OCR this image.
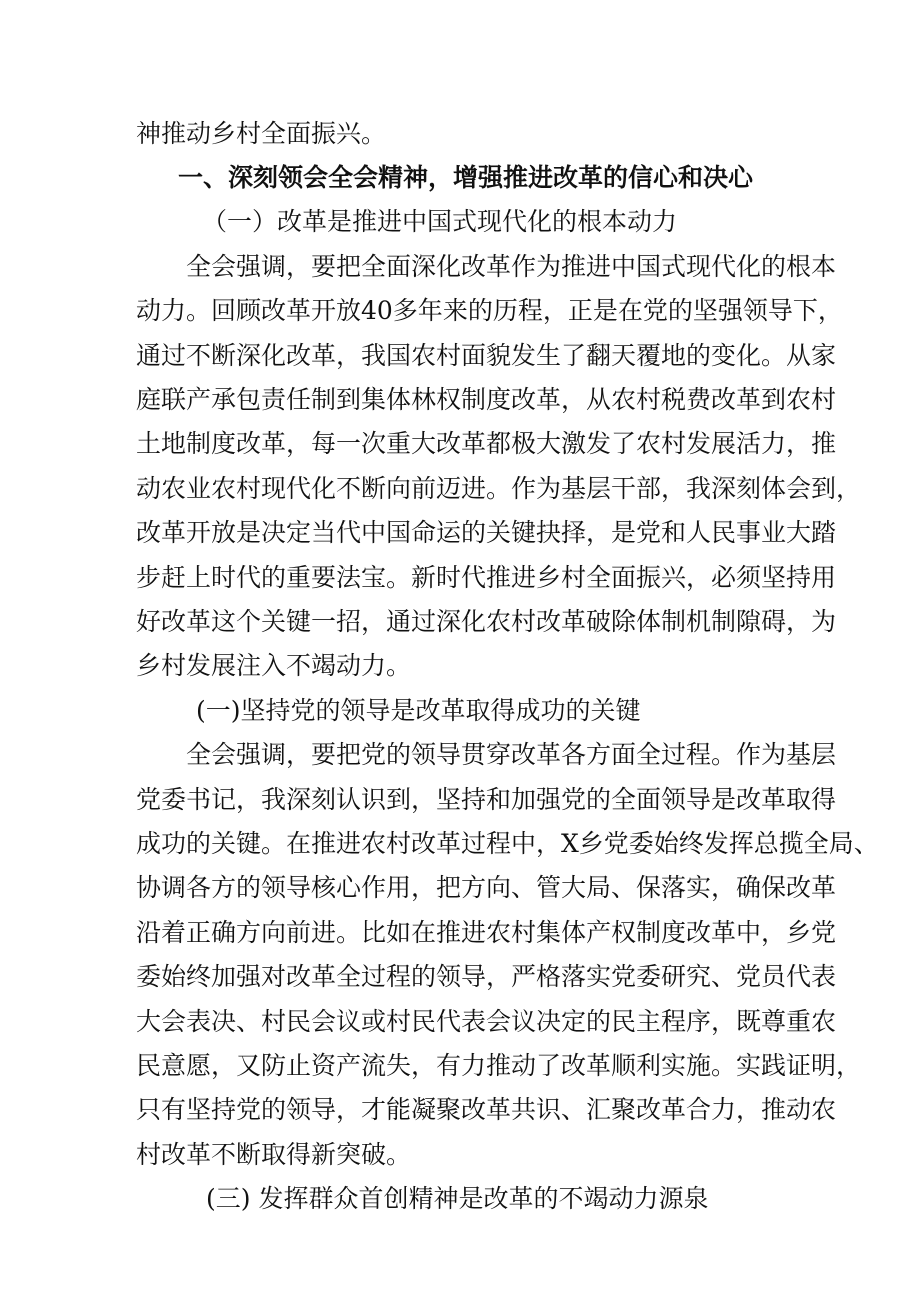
神推动乡村全面振兴。
一、深刻领会全会精神，增强推进改革的信心和决心
（一）改革是推进中国式现代化的根本动力
全会强调，要把全面深化改革作为推进中国式现代化的根本
动力。回顾改革开放40多年来的历程，正是在党的坚强领导下，
通过不断深化改革，我国农村面貌发生了翻天覆地的变化。从家
庭联产承包责任制到集体林权制度改革，从农村税费改革到农村
土地制度改革，每一次重大改革都极大激发了农村发展活力，推
动农业农村现代化不断向前迈进。作为基层干部，我深刻体会到，
改革开放是决定当代中国命运的关键抉择，是党和人民事业大踏
步赶上时代的重要法宝。新时代推进乡村全面振兴，必须坚持用
好改革这个关键一招，通过深化农村改革破除体制机制隙碍，为
乡村发展注入不竭动力。
(一)坚持党的领导是改革取得成功的关键
全会强调，要把党的领导贯穿改革各方面全过程。作为基层
党委书记，我深刻认识到，坚持和加强党的全面领导是改革取得
成功的关键。在推进农村改革过程中，X乡党委始终发挥总揽全局、
协调各方的领导核心作用，把方向、管大局、保落实，确保改革
沿着正确方向前进。比如在推进农村集体产权制度改革中，乡党
委始终加强对改革全过程的领导，严格落实党委研究、党员代表
大会表决、村民会议或村民代表会议决定的民主程序，既尊重农
民意愿，又防止资产流失，有力推动了改革顺利实施。实践证明，
只有坚持党的领导，才能凝聚改革共识、汇聚改革合力，推动农
村改革不断取得新突破。
(三) 发挥群众首创精神是改革的不竭动力源泉
